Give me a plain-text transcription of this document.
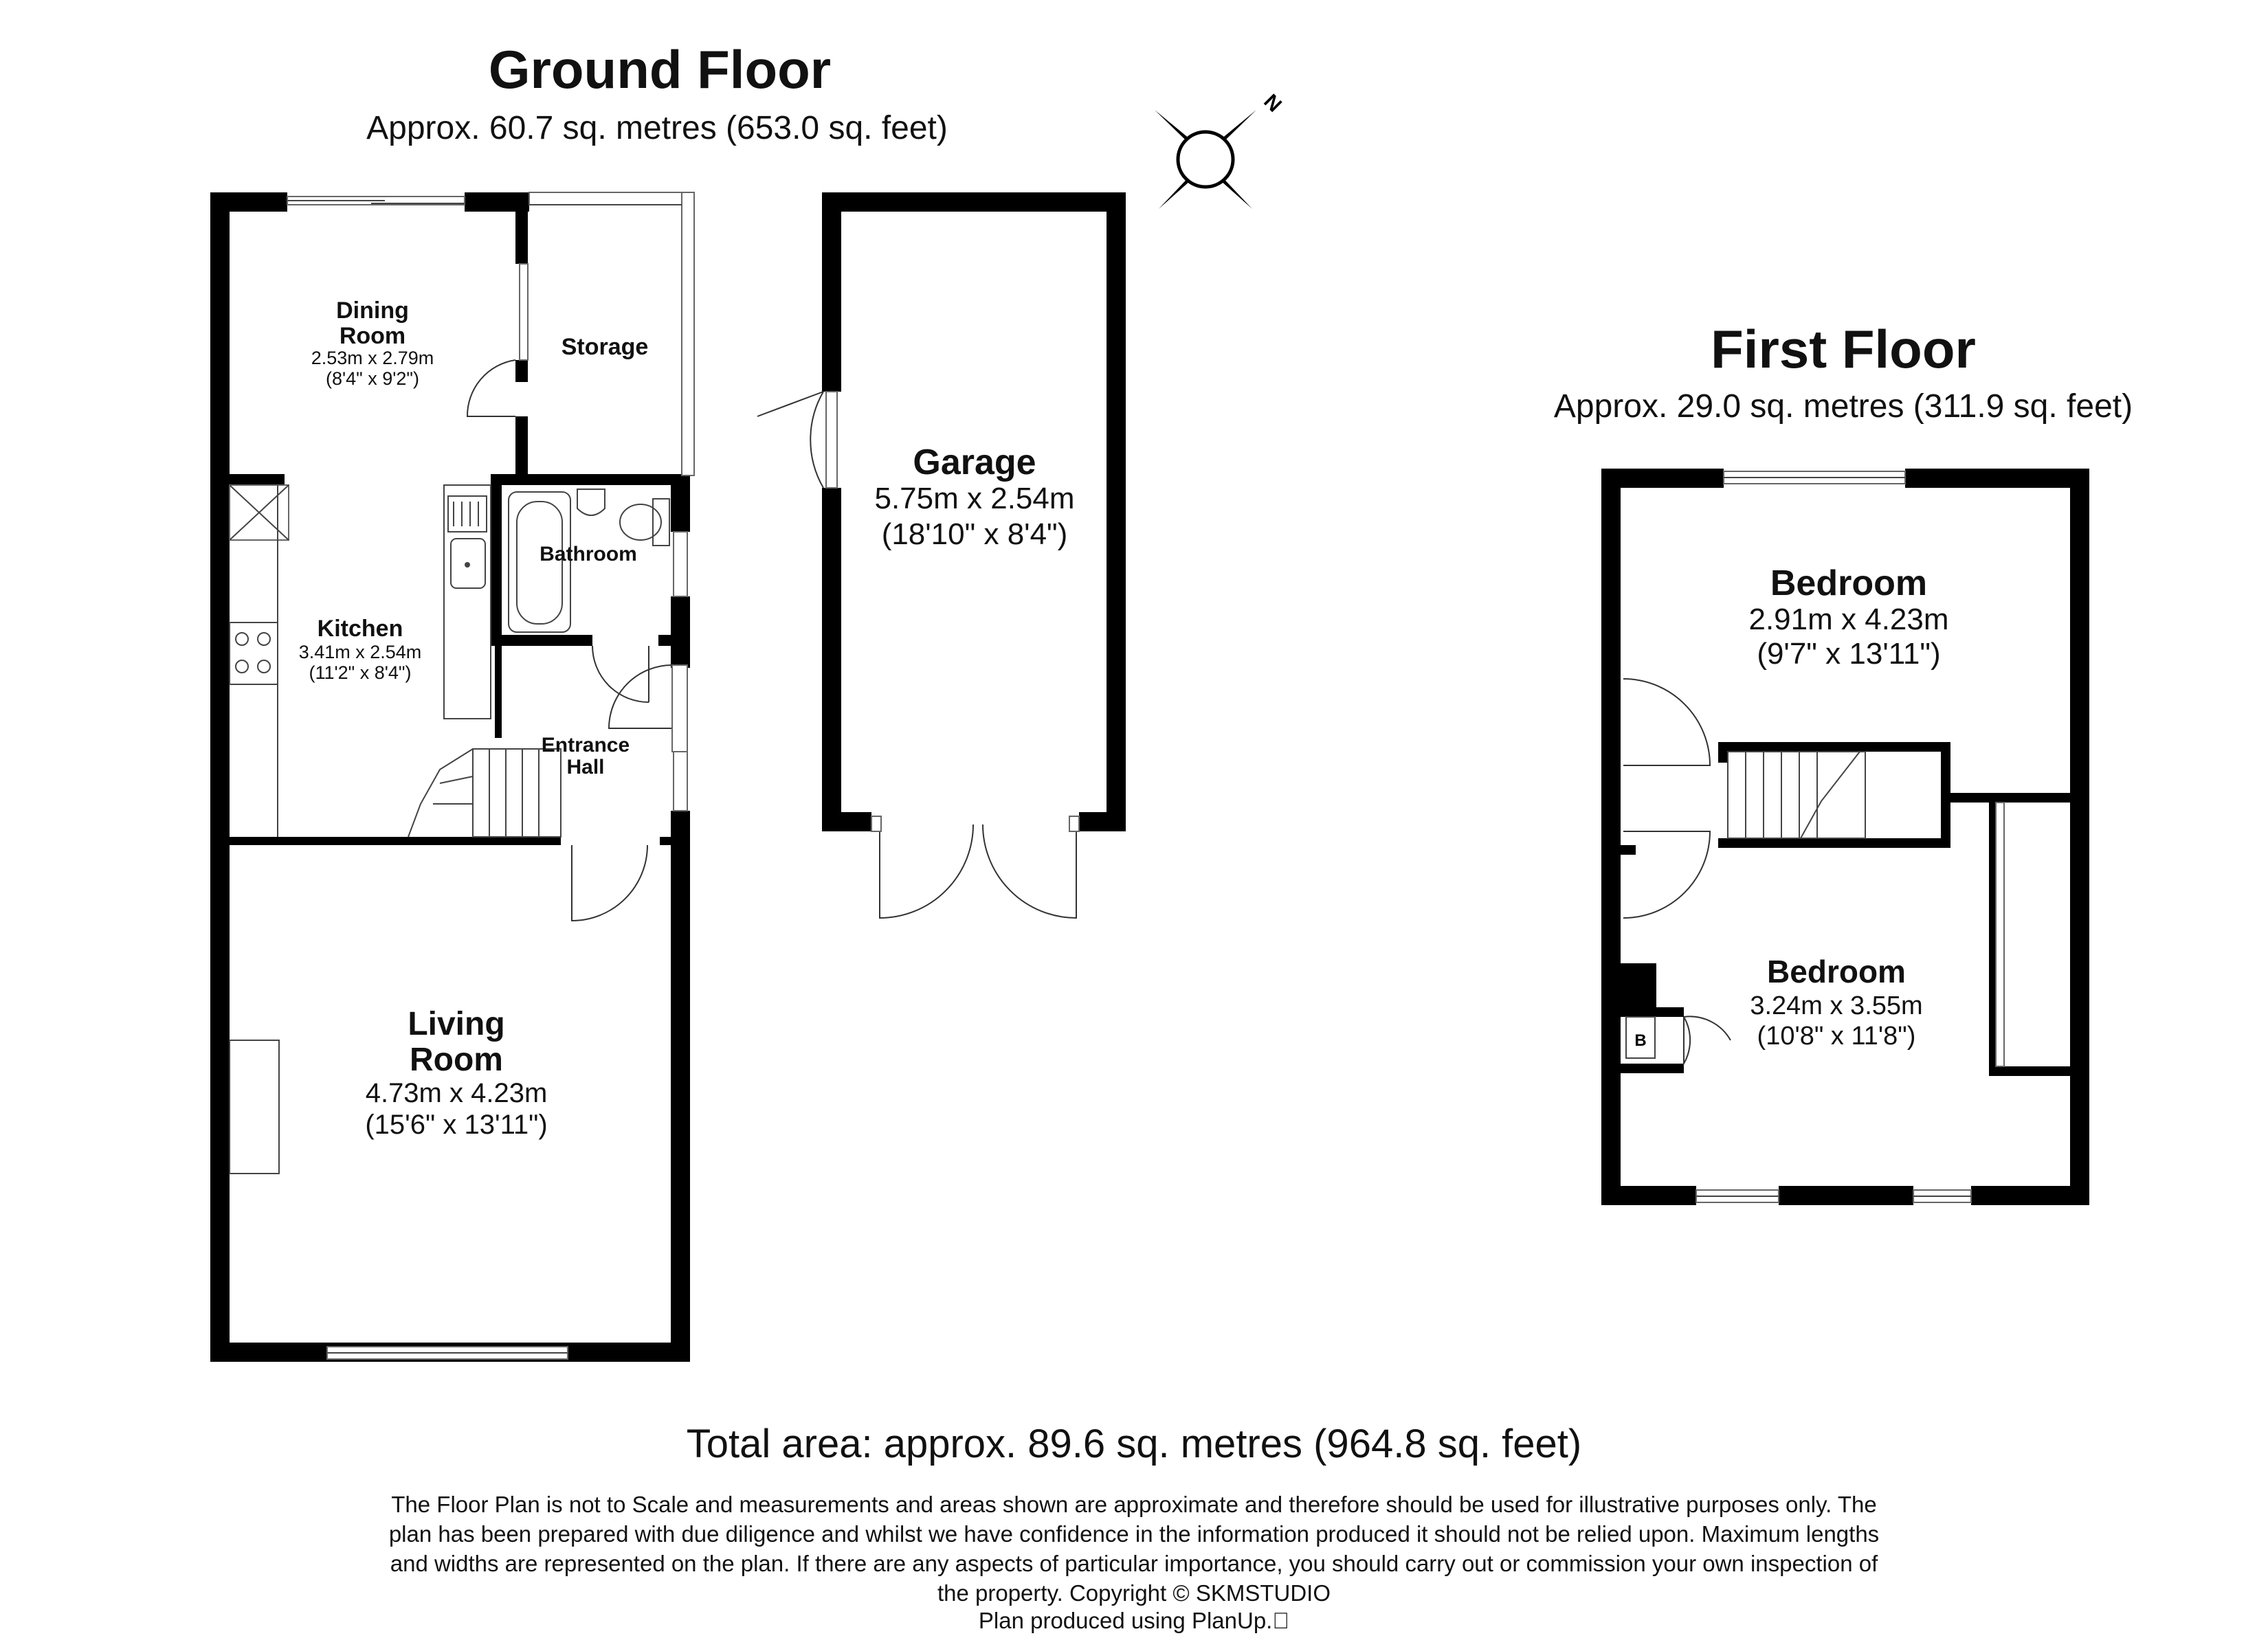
Ground Floor
Approx. 60.7 sq. metres (653.0 sq. feet)
First Floor
Approx. 29.0 sq. metres (311.9 sq. feet)
N
Dining
Room
2.53m x 2.79m
(8'4" x 9'2")
Storage
Bathroom
Kitchen
3.41m x 2.54m
(11'2" x 8'4")
Entrance
Hall
Living
Room
4.73m x 4.23m
(15'6" x 13'11")
Garage
5.75m x 2.54m
(18'10" x 8'4")
B
Bedroom
2.91m x 4.23m
(9'7" x 13'11")
Bedroom
3.24m x 3.55m
(10'8" x 11'8")
Total area: approx. 89.6 sq. metres (964.8 sq. feet)
The Floor Plan is not to Scale and measurements and areas shown are approximate and therefore should be used for illustrative purposes only. The plan has been prepared with due diligence and whilst we have confidence in the information produced it should not be relied upon. Maximum lengths and widths are represented on the plan. If there are any aspects of particular importance, you should carry out or commission your own inspection of the property. Copyright © SKMSTUDIO
Plan produced using PlanUp.⃞
